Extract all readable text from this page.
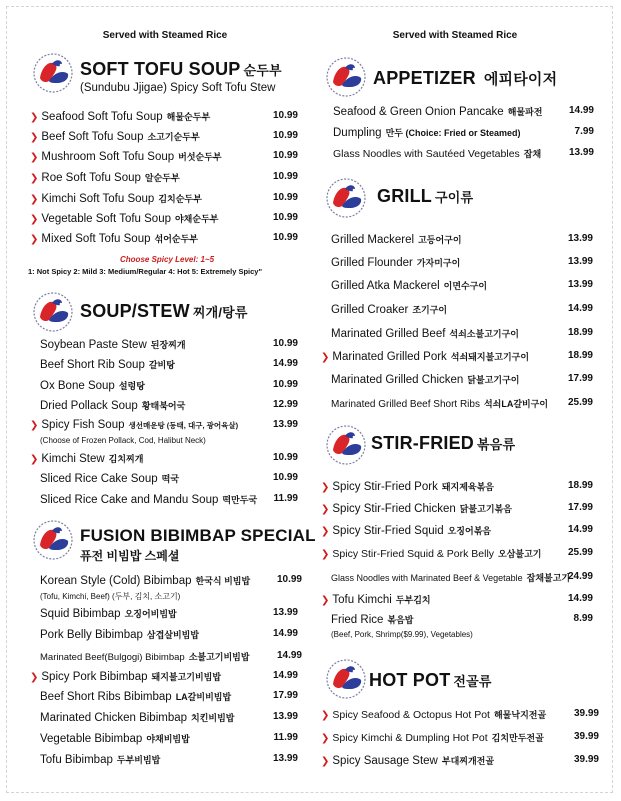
Served with Steamed Rice
SOFT TOFU SOUP 순두부
(Sundubu Jjigae) Spicy Soft Tofu Stew
❯ Seafood Soft Tofu Soup 해물순두부	10.99
❯ Beef Soft Tofu Soup 소고기순두부	10.99
❯ Mushroom Soft Tofu Soup 버섯순두부	10.99
❯ Roe Soft Tofu Soup 알순두부	10.99
❯ Kimchi Soft Tofu Soup 김치순두부	10.99
❯ Vegetable Soft Tofu Soup 야채순두부	10.99
❯ Mixed Soft Tofu Soup 섞어순두부	10.99
Choose Spicy Level: 1~5
1: Not Spicy 2: Mild 3: Medium/Regular 4: Hot 5: Extremely Spicy"
SOUP/STEW 찌개/탕류
Soybean Paste Stew 된장찌개	10.99
Beef Short Rib Soup 갈비탕	14.99
Ox Bone Soup 설렁탕	10.99
Dried Pollack Soup 황태북어국	12.99
❯ Spicy Fish Soup 생선매운탕 (동태, 대구, 광어육살)	13.99
(Choose of Frozen Pollack, Cod, Halibut Neck)
❯ Kimchi Stew 김치찌개	10.99
Sliced Rice Cake Soup 떡국	10.99
Sliced Rice Cake and Mandu Soup 떡만두국 11.99
FUSION BIBIMBAP SPECIAL
퓨전 비빔밥 스페셜
Korean Style (Cold) Bibimbap 한국식 비빔밥	10.99
(Tofu, Kimchi, Beef) (두부, 김치, 소고기)
Squid Bibimbap 오징어비빔밥	13.99
Pork Belly Bibimbap 삼겹살비빔밥	14.99
Marinated Beef(Bulgogi) Bibimbap 소불고기비빔밥	14.99
❯ Spicy Pork Bibimbap 돼지불고기비빔밥	14.99
Beef Short Ribs Bibimbap LA갈비비빔밥	17.99
Marinated Chicken Bibimbap 치킨비빔밥	13.99
Vegetable Bibimbap 야채비빔밥	11.99
Tofu Bibimbap 두부비빔밥	13.99
Served with Steamed Rice
APPETIZER 에피타이저
Seafood & Green Onion Pancake 해물파전	14.99
Dumpling 만두 (Choice: Fried or Steamed)	7.99
Glass Noodles with Sautéed Vegetables 잡채	13.99
GRILL 구이류
Grilled Mackerel 고등어구이	13.99
Grilled Flounder 가자미구이	13.99
Grilled Atka Mackerel 이면수구이	13.99
Grilled Croaker 조기구이	14.99
Marinated Grilled Beef 석쇠소불고기구이	18.99
❯ Marinated Grilled Pork 석쇠돼지불고기구이	18.99
Marinated Grilled Chicken 닭불고기구이	17.99
Marinated Grilled Beef Short Ribs 석쇠LA갈비구이 25.99
STIR-FRIED 볶음류
❯ Spicy Stir-Fried Pork 돼지제육볶음	18.99
❯ Spicy Stir-Fried Chicken 닭불고기볶음	17.99
❯ Spicy Stir-Fried Squid 오징어볶음	14.99
❯ Spicy Stir-Fried Squid & Pork Belly 오삼불고기	25.99
Glass Noodles with Marinated Beef & Vegetable 잡채불고기
24.99
❯ Tofu Kimchi 두부김치	14.99
Fried Rice 볶음밥	8.99
(Beef, Pork, Shrimp($9.99), Vegetables)
HOT POT 전골류
❯ Spicy Seafood & Octopus Hot Pot 해물낙지전골	39.99
❯ Spicy Kimchi & Dumpling Hot Pot 김치만두전골	39.99
❯ Spicy Sausage Stew 부대찌개전골	39.99
